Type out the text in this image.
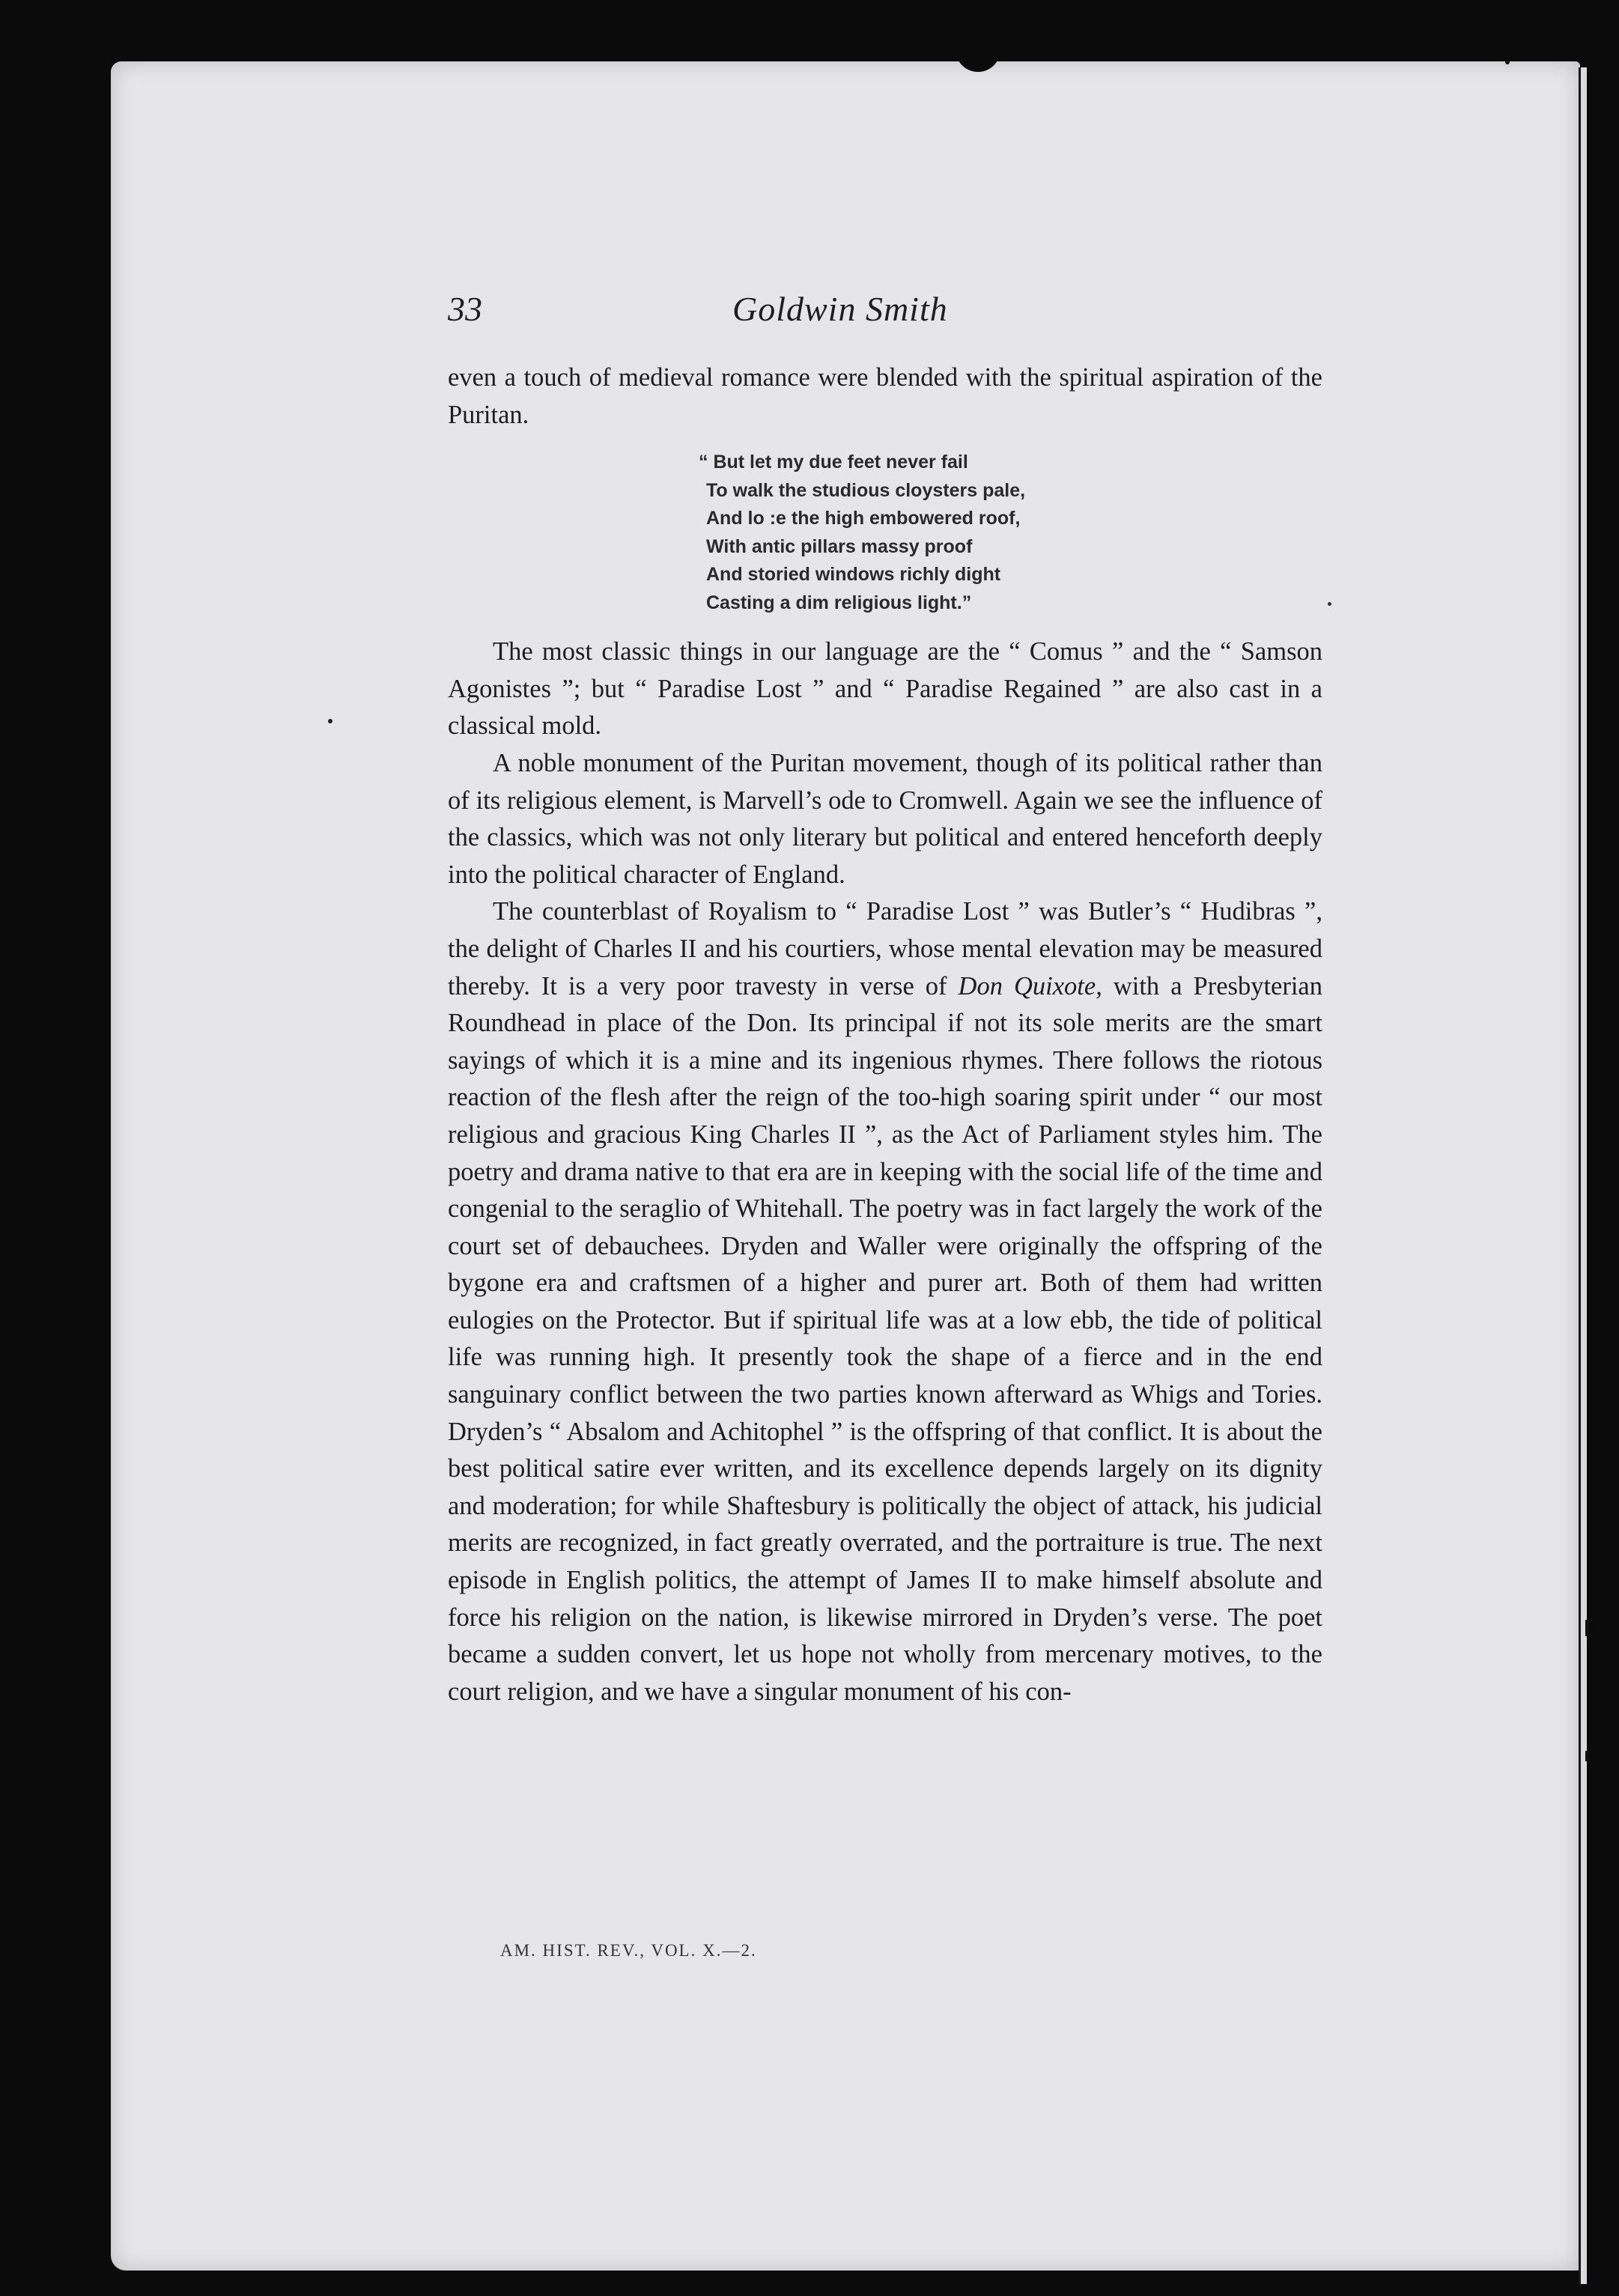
33	Goldwin Smith

even a touch of medieval romance were blended with the spiritual aspiration of the Puritan.

“ But let my due feet never fail
To walk the studious cloysters pale,
And lo :e the high embowered roof,
With antic pillars massy proof
And storied windows richly dight
Casting a dim religious light.”

The most classic things in our language are the “ Comus ” and the “ Samson Agonistes ”; but “ Paradise Lost ” and “ Paradise Regained ” are also cast in a classical mold.

A noble monument of the Puritan movement, though of its political rather than of its religious element, is Marvell’s ode to Cromwell. Again we see the influence of the classics, which was not only literary but political and entered henceforth deeply into the political character of England.

The counterblast of Royalism to “ Paradise Lost ” was Butler’s “ Hudibras ”, the delight of Charles II and his courtiers, whose mental elevation may be measured thereby. It is a very poor travesty in verse of Don Quixote, with a Presbyterian Roundhead in place of the Don. Its principal if not its sole merits are the smart sayings of which it is a mine and its ingenious rhymes. There follows the riotous reaction of the flesh after the reign of the too-high soaring spirit under “ our most religious and gracious King Charles II ”, as the Act of Parliament styles him. The poetry and drama native to that era are in keeping with the social life of the time and congenial to the seraglio of Whitehall. The poetry was in fact largely the work of the court set of debauchees. Dryden and Waller were originally the offspring of the bygone era and craftsmen of a higher and purer art. Both of them had written eulogies on the Protector. But if spiritual life was at a low ebb, the tide of political life was running high. It presently took the shape of a fierce and in the end sanguinary conflict between the two parties known afterward as Whigs and Tories. Dryden’s “ Absalom and Achitophel ” is the offspring of that conflict. It is about the best political satire ever written, and its excellence depends largely on its dignity and moderation; for while Shaftesbury is politically the object of attack, his judicial merits are recognized, in fact greatly overrated, and the portraiture is true. The next episode in English politics, the attempt of James II to make himself absolute and force his religion on the nation, is likewise mirrored in Dryden’s verse. The poet became a sudden convert, let us hope not wholly from mercenary motives, to the court religion, and we have a singular monument of his con-

AM. HIST. REV., VOL. X.—2.
